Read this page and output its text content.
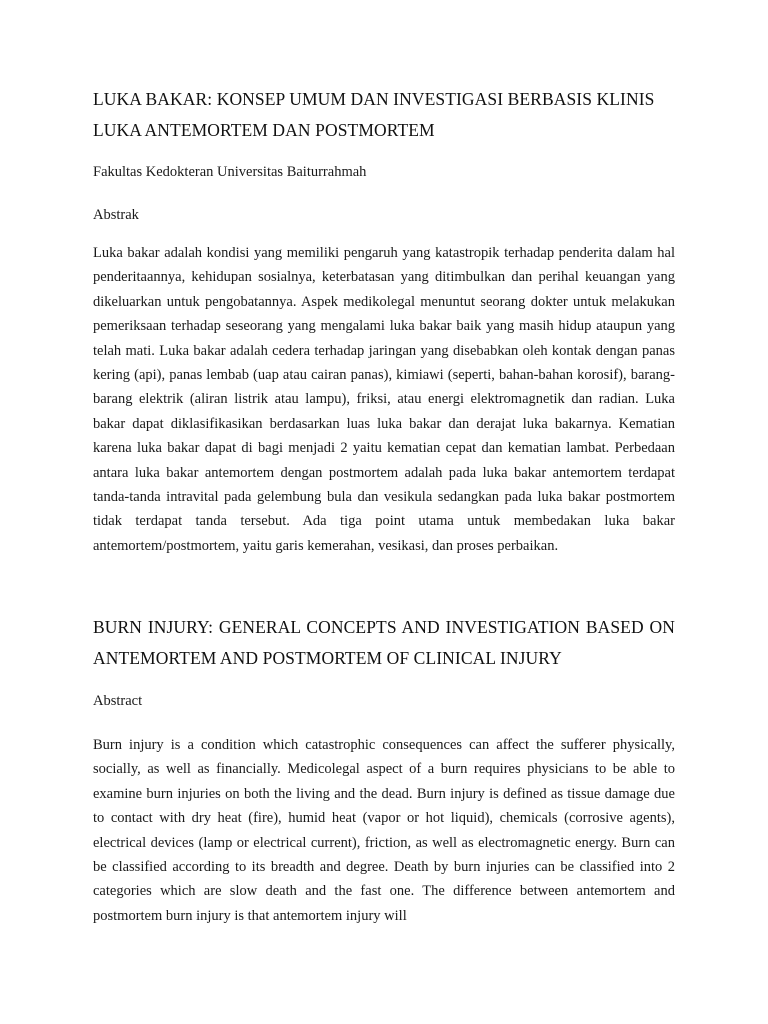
LUKA BAKAR: KONSEP UMUM DAN INVESTIGASI BERBASIS KLINIS LUKA ANTEMORTEM DAN POSTMORTEM

Fakultas Kedokteran Universitas Baiturrahmah

Abstrak

Luka bakar adalah kondisi yang memiliki pengaruh yang katastropik terhadap penderita dalam hal penderitaannya, kehidupan sosialnya, keterbatasan yang ditimbulkan dan perihal keuangan yang dikeluarkan untuk pengobatannya. Aspek medikolegal menuntut seorang dokter untuk melakukan pemeriksaan terhadap seseorang yang mengalami luka bakar baik yang masih hidup ataupun yang telah mati. Luka bakar adalah cedera terhadap jaringan yang disebabkan oleh kontak dengan panas kering (api), panas lembab (uap atau cairan panas), kimiawi (seperti, bahan-bahan korosif), barang-barang elektrik (aliran listrik atau lampu), friksi, atau energi elektromagnetik dan radian. Luka bakar dapat diklasifikasikan berdasarkan luas luka bakar dan derajat luka bakarnya. Kematian karena luka bakar dapat di bagi menjadi 2 yaitu kematian cepat dan kematian lambat. Perbedaan antara luka bakar antemortem dengan postmortem adalah pada luka bakar antemortem terdapat tanda-tanda intravital pada gelembung bula dan vesikula sedangkan pada luka bakar postmortem tidak terdapat tanda tersebut. Ada tiga point utama untuk membedakan luka bakar antemortem/postmortem, yaitu garis kemerahan, vesikasi, dan proses perbaikan.

BURN INJURY: GENERAL CONCEPTS AND INVESTIGATION BASED ON ANTEMORTEM AND POSTMORTEM OF CLINICAL INJURY

Abstract

Burn injury is a condition which catastrophic consequences can affect the sufferer physically, socially, as well as financially. Medicolegal aspect of a burn requires physicians to be able to examine burn injuries on both the living and the dead. Burn injury is defined as tissue damage due to contact with dry heat (fire), humid heat (vapor or hot liquid), chemicals (corrosive agents), electrical devices (lamp or electrical current), friction, as well as electromagnetic energy. Burn can be classified according to its breadth and degree. Death by burn injuries can be classified into 2 categories which are slow death and the fast one. The difference between antemortem and postmortem burn injury is that antemortem injury will
